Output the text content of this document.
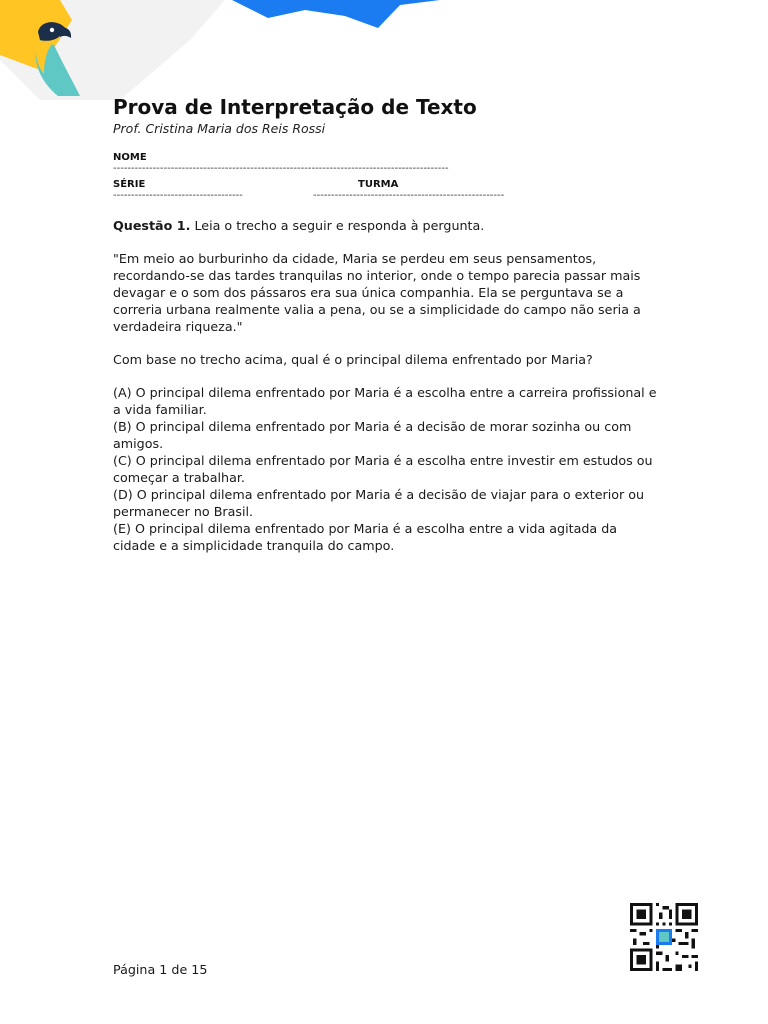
Prova de Interpretação de Texto
Prof. Cristina Maria dos Reis Rossi
NOME
---------------------------------------------------------------------------------------------
SÉRIE
------------------------------------
TURMA
-----------------------------------------------------

Questão 1. Leia o trecho a seguir e responda à pergunta.

"Em meio ao burburinho da cidade, Maria se perdeu em seus pensamentos, recordando-se das tardes tranquilas no interior, onde o tempo parecia passar mais devagar e o som dos pássaros era sua única companhia. Ela se perguntava se a correria urbana realmente valia a pena, ou se a simplicidade do campo não seria a verdadeira riqueza."

Com base no trecho acima, qual é o principal dilema enfrentado por Maria?

(A) O principal dilema enfrentado por Maria é a escolha entre a carreira profissional e a vida familiar.

(B) O principal dilema enfrentado por Maria é a decisão de morar sozinha ou com amigos.

(C) O principal dilema enfrentado por Maria é a escolha entre investir em estudos ou começar a trabalhar.

(D) O principal dilema enfrentado por Maria é a decisão de viajar para o exterior ou permanecer no Brasil.

(E) O principal dilema enfrentado por Maria é a escolha entre a vida agitada da cidade e a simplicidade tranquila do campo.

Página 1 de 15
